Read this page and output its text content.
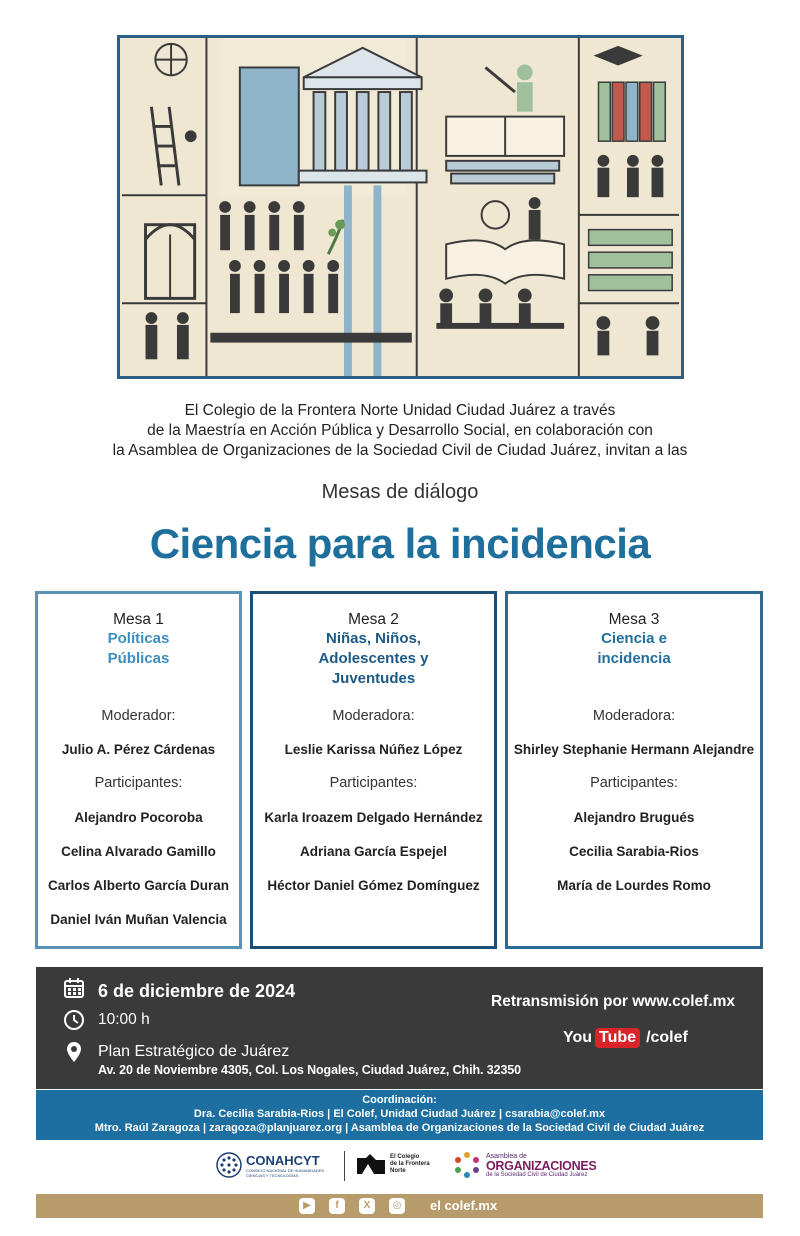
El Colegio de la Frontera Norte Unidad Ciudad Juárez a través
de la Maestría en Acción Pública y Desarrollo Social, en colaboración con
la Asamblea de Organizaciones de la Sociedad Civil de Ciudad Juárez, invitan a las
Mesas de diálogo
Ciencia para la incidencia
Mesa 1
Políticas
Públicas
Moderador:
Julio A. Pérez Cárdenas
Participantes:
Alejandro Pocoroba
Celina Alvarado Gamillo
Carlos Alberto García Duran
Daniel Iván Muñan Valencia
Mesa 2
Niñas, Niños,
Adolescentes y
Juventudes
Moderadora:
Leslie Karissa Núñez López
Participantes:
Karla Iroazem Delgado Hernández
Adriana García Espejel
Héctor Daniel Gómez Domínguez
Mesa 3
Ciencia e
incidencia
Moderadora:
Shirley Stephanie Hermann Alejandre
Participantes:
Alejandro Brugués
Cecilia Sarabia-Rios
María de Lourdes Romo
6 de diciembre de 2024
10:00 h
Plan Estratégico de Juárez
Av. 20 de Noviembre 4305, Col. Los Nogales, Ciudad Juárez, Chih. 32350
Retransmisión por www.colef.mx
You Tube /colef
Coordinación:
Dra. Cecilia Sarabia-Rios | El Colef, Unidad Ciudad Juárez | csarabia@colef.mx
Mtro. Raúl Zaragoza | zaragoza@planjuarez.org | Asamblea de Organizaciones de la Sociedad Civil de Ciudad Juárez
CONAHCYT
CONSEJO NACIONAL DE HUMANIDADES CIENCIAS Y TECNOLOGÍAS
El Colegio
de la Frontera
Norte
Asamblea de
ORGANIZACIONES
de la Sociedad Civil de Ciudad Juárez
▶	f	X	◎ el colef.mx
